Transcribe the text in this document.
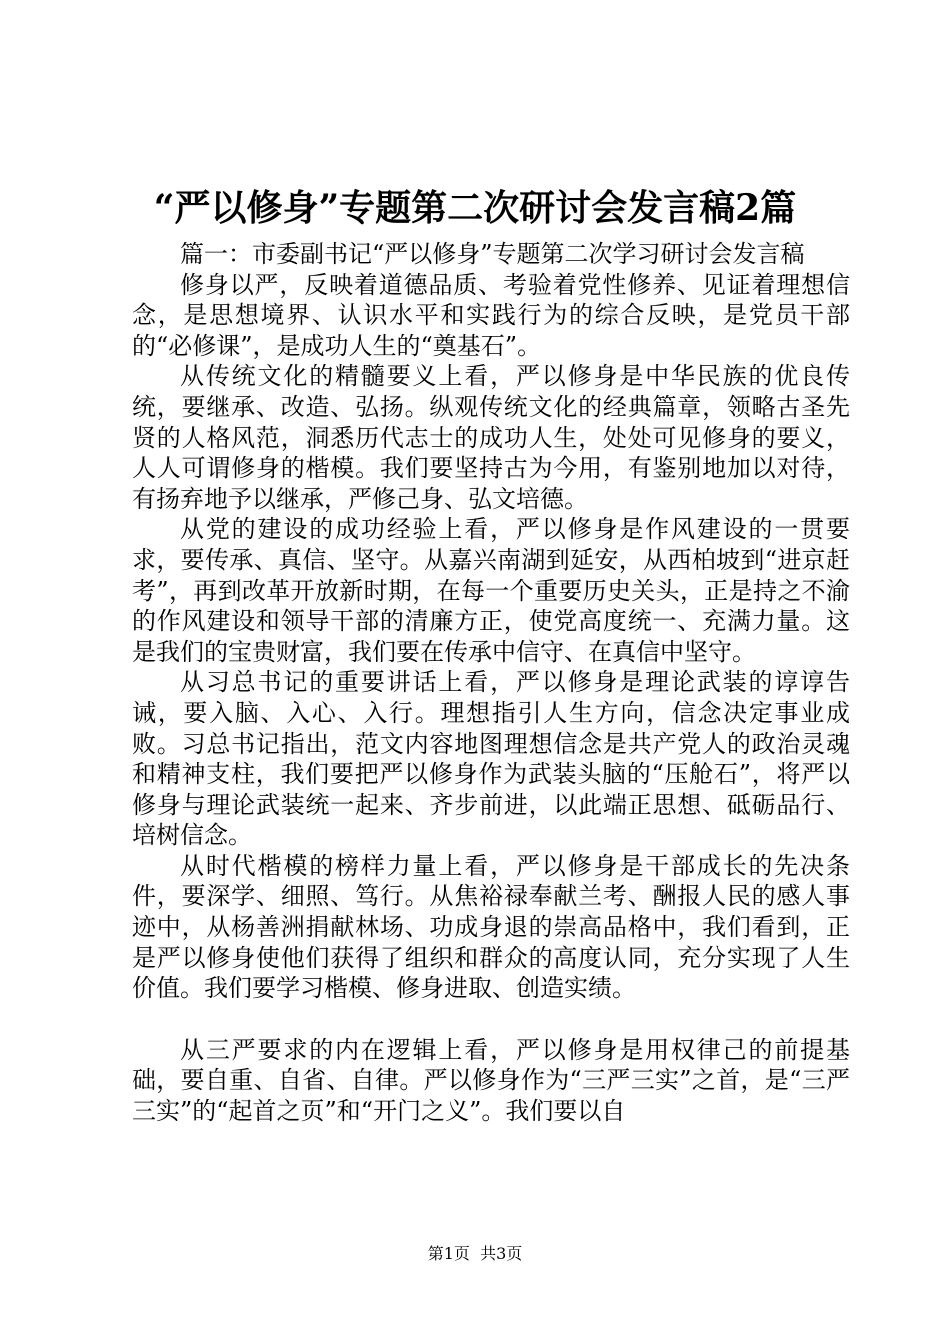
“严以修身”专题第二次研讨会发言稿2篇

篇一：市委副书记“严以修身”专题第二次学习研讨会发言稿

修身以严，反映着道德品质、考验着党性修养、见证着理想信念，是思想境界、认识水平和实践行为的综合反映，是党员干部的“必修课”，是成功人生的“奠基石”。

从传统文化的精髓要义上看，严以修身是中华民族的优良传统，要继承、改造、弘扬。纵观传统文化的经典篇章，领略古圣先贤的人格风范，洞悉历代志士的成功人生，处处可见修身的要义，人人可谓修身的楷模。我们要坚持古为今用，有鉴别地加以对待，有扬弃地予以继承，严修己身、弘文培德。

从党的建设的成功经验上看，严以修身是作风建设的一贯要求，要传承、真信、坚守。从嘉兴南湖到延安，从西柏坡到“进京赶考”，再到改革开放新时期，在每一个重要历史关头，正是持之不渝的作风建设和领导干部的清廉方正，使党高度统一、充满力量。这是我们的宝贵财富，我们要在传承中信守、在真信中坚守。

从习总书记的重要讲话上看，严以修身是理论武装的谆谆告诫，要入脑、入心、入行。理想指引人生方向，信念决定事业成败。习总书记指出，范文内容地图理想信念是共产党人的政治灵魂和精神支柱，我们要把严以修身作为武装头脑的“压舱石”，将严以修身与理论武装统一起来、齐步前进，以此端正思想、砥砺品行、培树信念。

从时代楷模的榜样力量上看，严以修身是干部成长的先决条件，要深学、细照、笃行。从焦裕禄奉献兰考、酬报人民的感人事迹中，从杨善洲捐献林场、功成身退的崇高品格中，我们看到，正是严以修身使他们获得了组织和群众的高度认同，充分实现了人生价值。我们要学习楷模、修身进取、创造实绩。

从三严要求的内在逻辑上看，严以修身是用权律己的前提基础，要自重、自省、自律。严以修身作为“三严三实”之首，是“三严三实”的“起首之页”和“开门之义”。我们要以自

第1页  共3页
